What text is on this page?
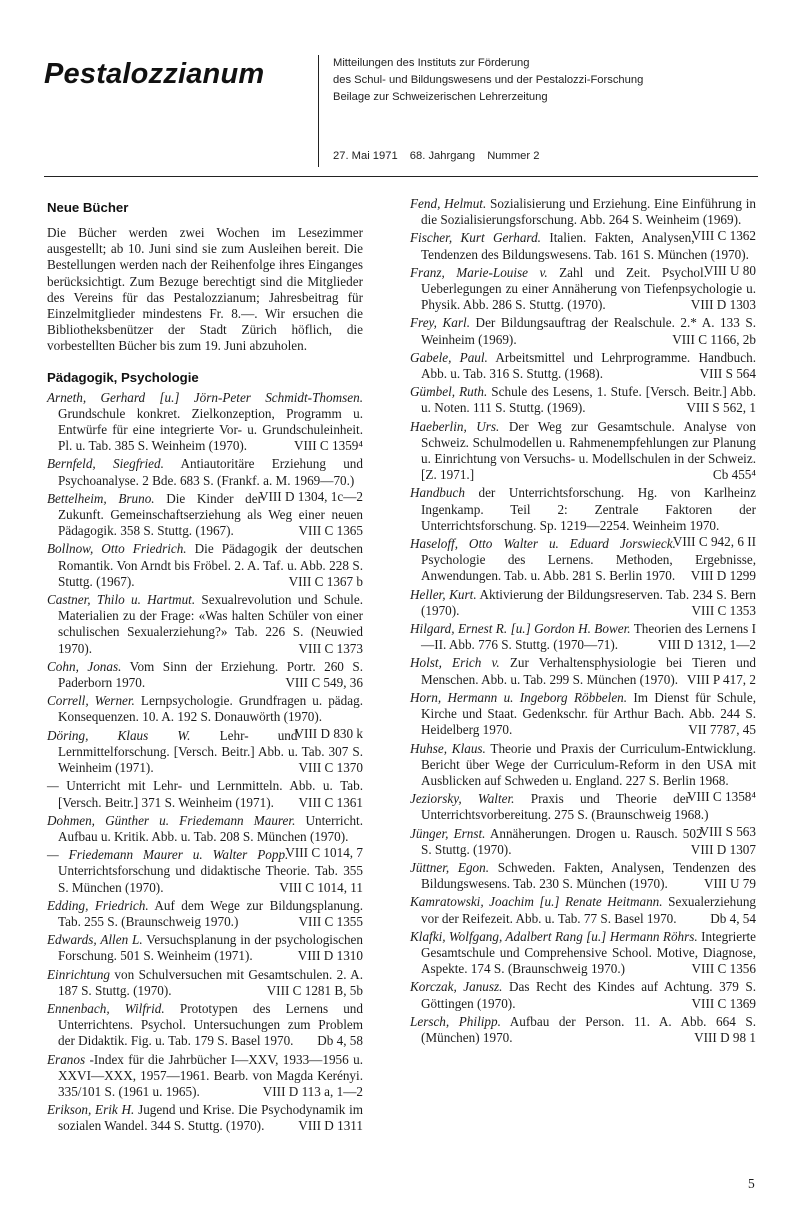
Pestalozzianum	Mitteilungen des Instituts zur Förderung
des Schul- und Bildungswesens und der Pestalozzi-Forschung
Beilage zur Schweizerischen Lehrerzeitung
27. Mai 1971 68. Jahrgang Nummer 2
Neue Bücher

Die Bücher werden zwei Wochen im Lesezimmer ausgestellt; ab 10. Juni sind sie zum Ausleihen bereit. Die Bestellungen werden nach der Reihenfolge ihres Einganges berücksichtigt. Zum Bezuge berechtigt sind die Mitglieder des Vereins für das Pestalozzianum; Jahresbeitrag für Einzelmitglieder mindestens Fr. 8.—. Wir ersuchen die Bibliotheksbenützer der Stadt Zürich höflich, die vorbestellten Bücher bis zum 19. Juni abzuholen.

Pädagogik, Psychologie

Arneth, Gerhard [u.] Jörn-Peter Schmidt-Thomsen. Grundschule konkret. Zielkonzeption, Programm u. Entwürfe für eine integrierte Vor- u. Grundschuleinheit. Pl. u. Tab. 385 S. Weinheim (1970).	VIII C 1359⁴

Bernfeld, Siegfried. Antiautoritäre Erziehung und Psychoanalyse. 2 Bde. 683 S. (Frankf. a. M. 1969—70.)
VIII D 1304, 1c—2

Bettelheim, Bruno. Die Kinder der Zukunft. Gemeinschaftserziehung als Weg einer neuen Pädagogik. 358 S. Stuttg. (1967).	VIII C 1365

Bollnow, Otto Friedrich. Die Pädagogik der deutschen Romantik. Von Arndt bis Fröbel. 2. A. Taf. u. Abb. 228 S. Stuttg. (1967).	VIII C 1367 b

Castner, Thilo u. Hartmut. Sexualrevolution und Schule. Materialien zu der Frage: «Was halten Schüler von einer schulischen Sexualerziehung?» Tab. 226 S. (Neuwied 1970).	VIII C 1373

Cohn, Jonas. Vom Sinn der Erziehung. Portr. 260 S. Paderborn 1970.	VIII C 549, 36

Correll, Werner. Lernpsychologie. Grundfragen u. pädag. Konsequenzen. 10. A. 192 S. Donauwörth (1970).
VIII D 830 k

Döring, Klaus W. Lehr- und Lernmittelforschung. [Versch. Beitr.] Abb. u. Tab. 307 S. Weinheim (1971).	VIII C 1370

— Unterricht mit Lehr- und Lernmitteln. Abb. u. Tab. [Versch. Beitr.] 371 S. Weinheim (1971). VIII C 1361

Dohmen, Günther u. Friedemann Maurer. Unterricht. Aufbau u. Kritik. Abb. u. Tab. 208 S. München (1970).
VIII C 1014, 7

— Friedemann Maurer u. Walter Popp. Unterrichtsforschung und didaktische Theorie. Tab. 355 S. München (1970).	VIII C 1014, 11

Edding, Friedrich. Auf dem Wege zur Bildungsplanung. Tab. 255 S. (Braunschweig 1970.)	VIII C 1355

Edwards, Allen L. Versuchsplanung in der psychologischen Forschung. 501 S. Weinheim (1971).	VIII D 1310

Einrichtung von Schulversuchen mit Gesamtschulen. 2. A. 187 S. Stuttg. (1970).	VIII C 1281 B, 5b

Ennenbach, Wilfrid. Prototypen des Lernens und Unterrichtens. Psychol. Untersuchungen zum Problem der Didaktik. Fig. u. Tab. 179 S. Basel 1970. Db 4, 58

Eranos -Index für die Jahrbücher I—XXV, 1933—1956 u. XXVI—XXX, 1957—1961. Bearb. von Magda Kerényi. 335/101 S. (1961 u. 1965).	VIII D 113 a, 1—2

Erikson, Erik H. Jugend und Krise. Die Psychodynamik im sozialen Wandel. 344 S. Stuttg. (1970).	VIII D 1311

Fend, Helmut. Sozialisierung und Erziehung. Eine Einführung in die Sozialisierungsforschung. Abb. 264 S. Weinheim (1969).
VIII C 1362

Fischer, Kurt Gerhard. Italien. Fakten, Analysen, Tendenzen des Bildungswesens. Tab. 161 S. München (1970).
VIII U 80

Franz, Marie-Louise v. Zahl und Zeit. Psychol. Ueberlegungen zu einer Annäherung von Tiefenpsychologie u. Physik. Abb. 286 S. Stuttg. (1970).	VIII D 1303

Frey, Karl. Der Bildungsauftrag der Realschule. 2.* A. 133 S. Weinheim (1969).	VIII C 1166, 2b

Gabele, Paul. Arbeitsmittel und Lehrprogramme. Handbuch. Abb. u. Tab. 316 S. Stuttg. (1968).	VIII S 564

Gümbel, Ruth. Schule des Lesens, 1. Stufe. [Versch. Beitr.] Abb. u. Noten. 111 S. Stuttg. (1969).	VIII S 562, 1

Haeberlin, Urs. Der Weg zur Gesamtschule. Analyse von Schweiz. Schulmodellen u. Rahmenempfehlungen zur Planung u. Einrichtung von Versuchs- u. Modellschulen in der Schweiz. [Z. 1971.]	Cb 455⁴

Handbuch der Unterrichtsforschung. Hg. von Karlheinz Ingenkamp. Teil 2: Zentrale Faktoren der Unterrichtsforschung. Sp. 1219—2254. Weinheim 1970.
VIII C 942, 6 II

Haseloff, Otto Walter u. Eduard Jorswieck. Psychologie des Lernens. Methoden, Ergebnisse, Anwendungen. Tab. u. Abb. 281 S. Berlin 1970. VIII D 1299

Heller, Kurt. Aktivierung der Bildungsreserven. Tab. 234 S. Bern (1970).	VIII C 1353

Hilgard, Ernest R. [u.] Gordon H. Bower. Theorien des Lernens I—II. Abb. 776 S. Stuttg. (1970—71).	VIII D 1312, 1—2

Holst, Erich v. Zur Verhaltensphysiologie bei Tieren und Menschen. Abb. u. Tab. 299 S. München (1970). VIII P 417, 2

Horn, Hermann u. Ingeborg Röbbelen. Im Dienst für Schule, Kirche und Staat. Gedenkschr. für Arthur Bach. Abb. 244 S. Heidelberg 1970.	VII 7787, 45

Huhse, Klaus. Theorie und Praxis der Curriculum-Entwicklung. Bericht über Wege der Curriculum-Reform in den USA mit Ausblicken auf Schweden u. England. 227 S. Berlin 1968.
VIII C 1358⁴

Jeziorsky, Walter. Praxis und Theorie der Unterrichtsvorbereitung. 275 S. (Braunschweig 1968.)
VIII S 563

Jünger, Ernst. Annäherungen. Drogen u. Rausch. 502 S. Stuttg. (1970).	VIII D 1307

Jüttner, Egon. Schweden. Fakten, Analysen, Tendenzen des Bildungswesens. Tab. 230 S. München (1970).	VIII U 79

Kamratowski, Joachim [u.] Renate Heitmann. Sexualerziehung vor der Reifezeit. Abb. u. Tab. 77 S. Basel 1970.	Db 4, 54

Klafki, Wolfgang, Adalbert Rang [u.] Hermann Röhrs. Integrierte Gesamtschule und Comprehensive School. Motive, Diagnose, Aspekte. 174 S. (Braunschweig 1970.)	VIII C 1356

Korczak, Janusz. Das Recht des Kindes auf Achtung. 379 S. Göttingen (1970).	VIII C 1369

Lersch, Philipp. Aufbau der Person. 11. A. Abb. 664 S. (München) 1970.	VIII D 98 1

5
